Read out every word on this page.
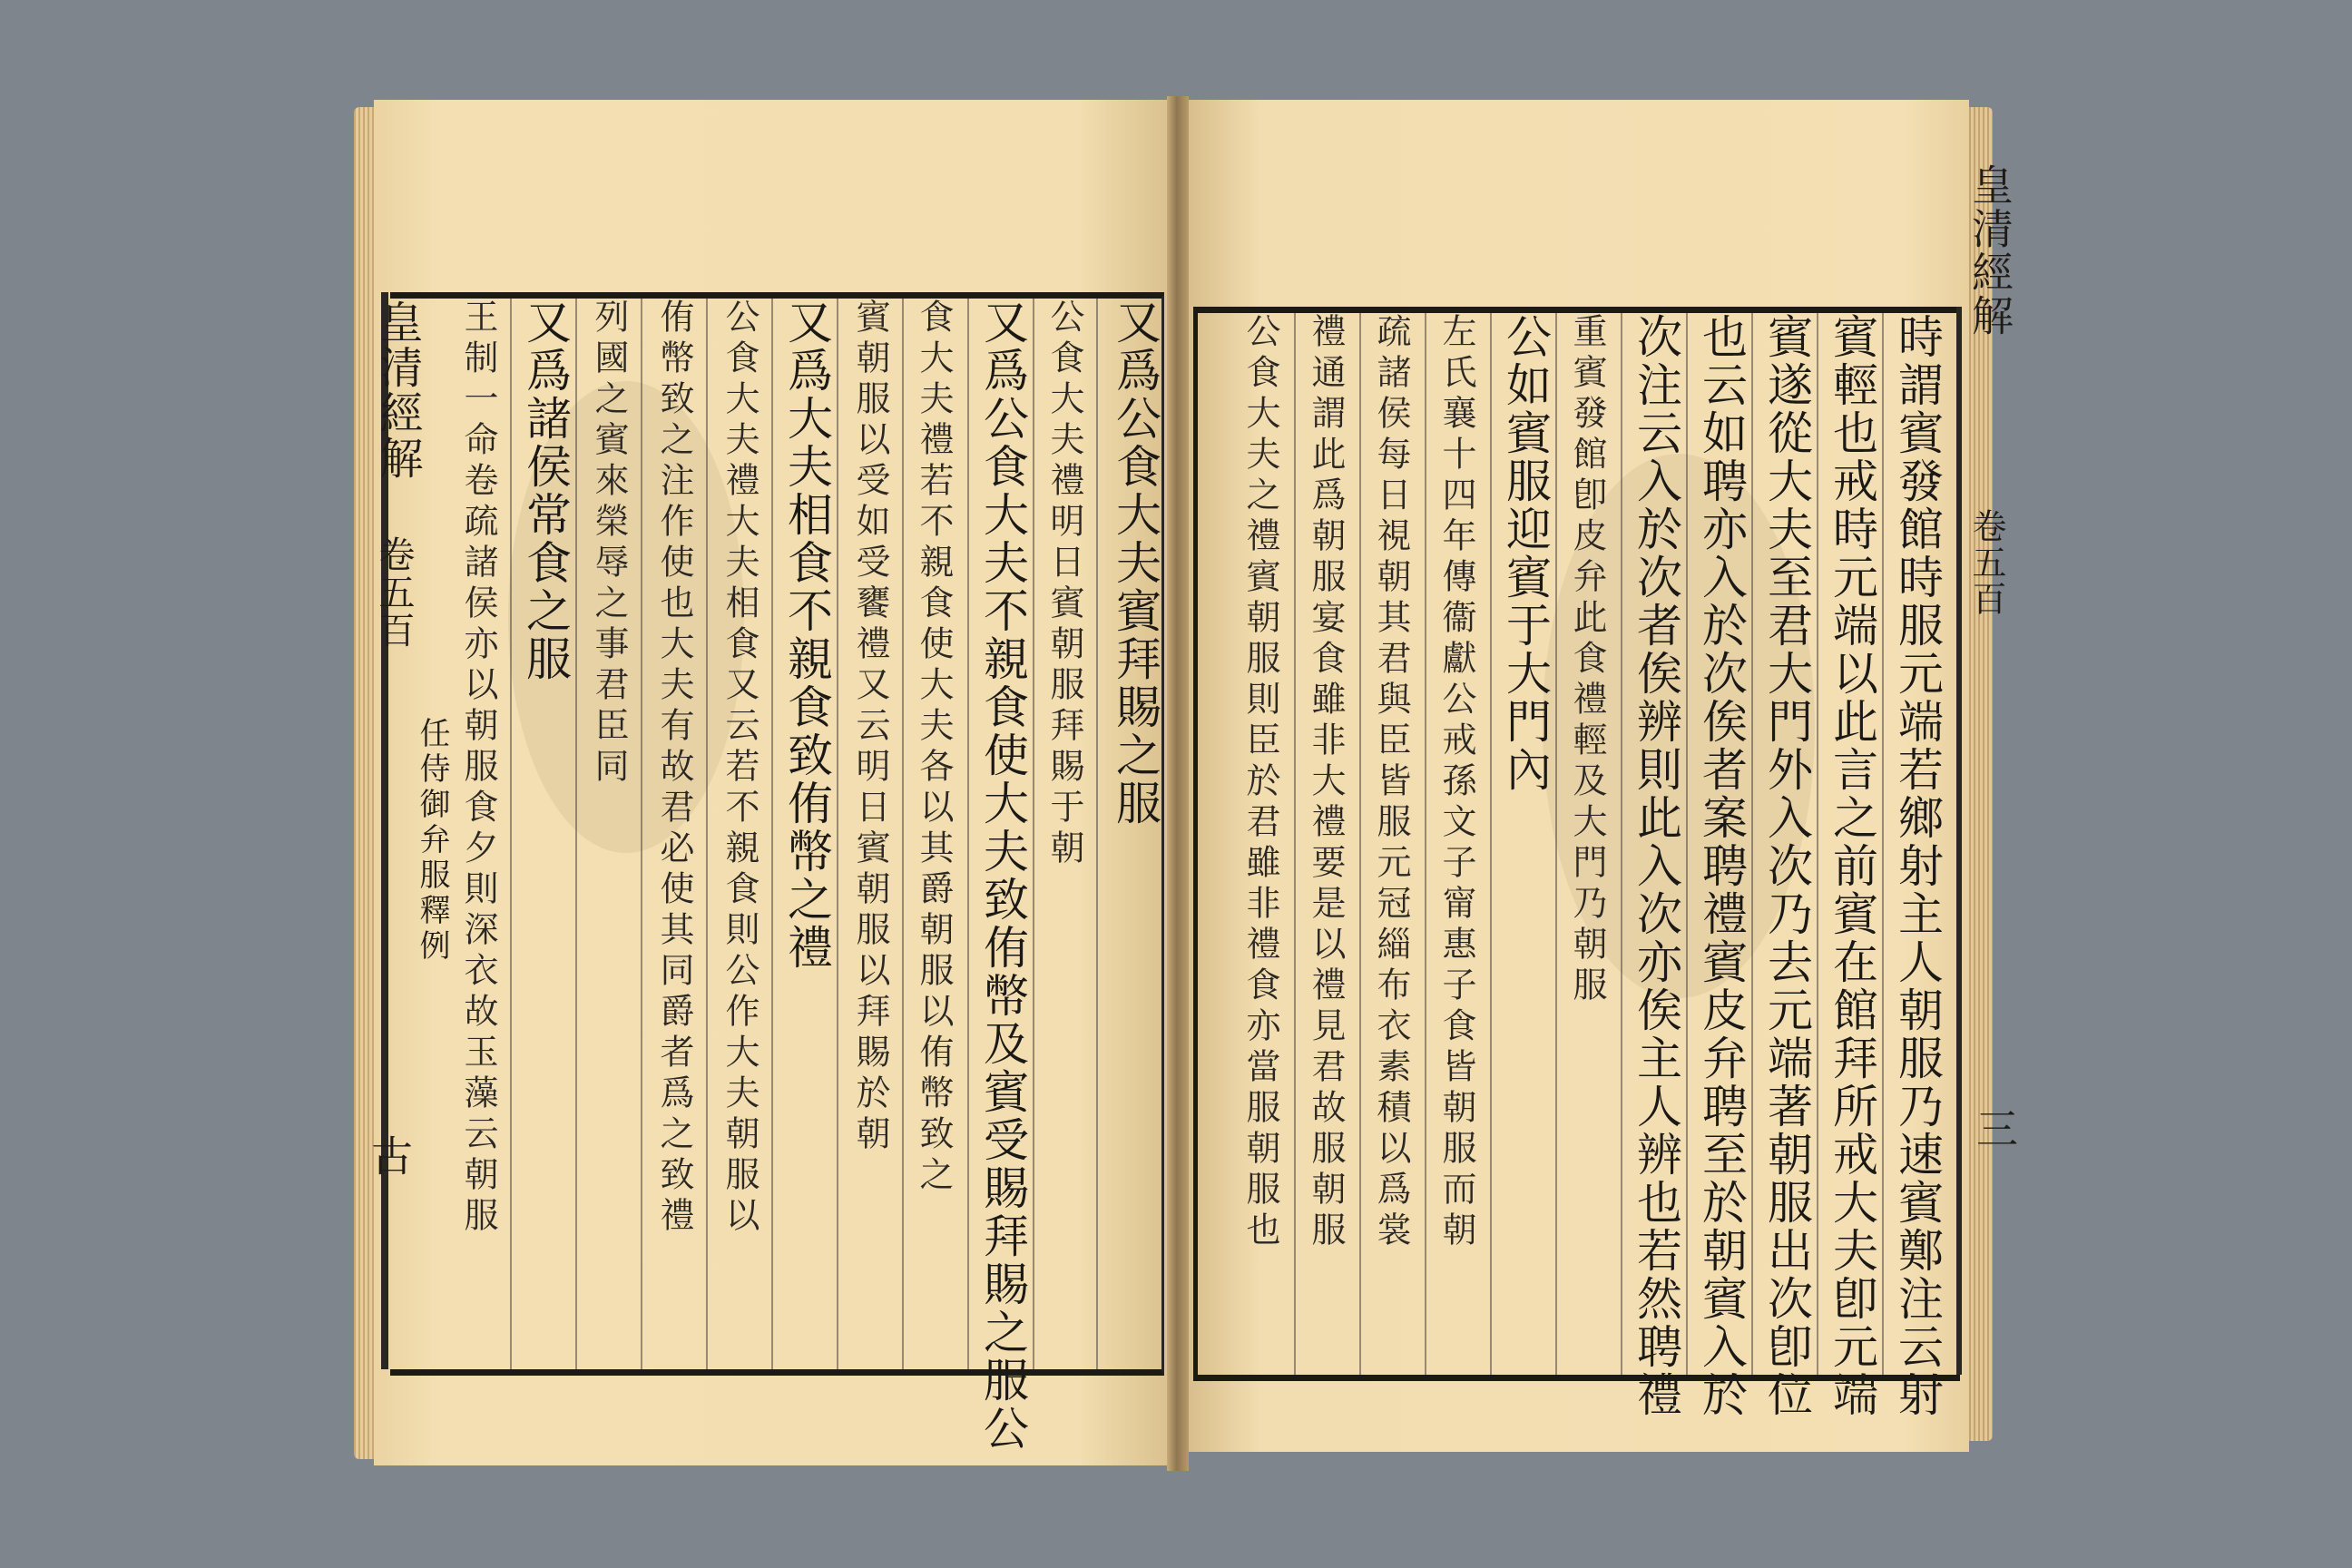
又爲公食大夫賓拜賜之服
公食大夫禮明日賓朝服拜賜于朝
又爲公食大夫不親食使大夫致侑幣及賓受賜拜賜之服公
食大夫禮若不親食使大夫各以其爵朝服以侑幣致之
賓朝服以受如受饔禮又云明日賓朝服以拜賜於朝
又爲大夫相食不親食致侑幣之禮
公食大夫禮大夫相食又云若不親食則公作大夫朝服以
侑幣致之注作使也大夫有故君必使其同爵者爲之致禮
列國之賓來榮辱之事君臣同
又爲諸侯常食之服
王制一命卷疏諸侯亦以朝服食夕則深衣故玉藻云朝服
皇清經解
卷五百
任侍御弁服釋例
古	時謂賓發館時服元端若鄉射主人朝服乃速賓鄭注云射
賓輕也戒時元端以此言之前賓在館拜所戒大夫卽元端
賓遂從大夫至君大門外入次乃去元端著朝服出次卽位
也云如聘亦入於次俟者案聘禮賓皮弁聘至於朝賓入於
次注云入於次者俟辨則此入次亦俟主人辨也若然聘禮
重賓發館卽皮弁此食禮輕及大門乃朝服
公如賓服迎賓于大門內
左氏襄十四年傳衞獻公戒孫文子甯惠子食皆朝服而朝
疏諸侯每日視朝其君與臣皆服元冠緇布衣素積以爲裳
禮通謂此爲朝服宴食雖非大禮要是以禮見君故服朝服
公食大夫之禮賓朝服則臣於君雖非禮食亦當服朝服也
皇清經解
卷五百
三
